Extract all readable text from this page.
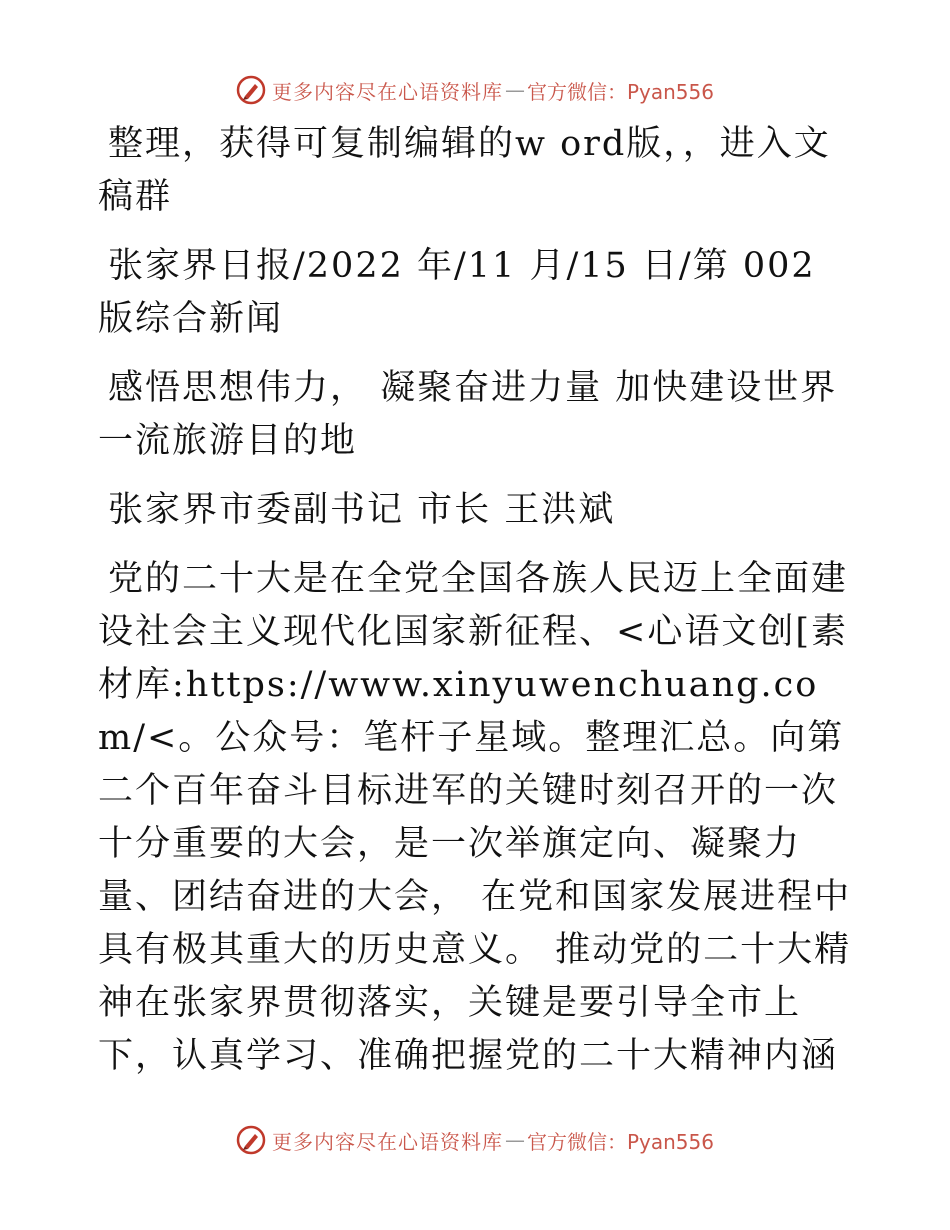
更多内容尽在心语资料库 — 官方微信：Pyan556

整理，获得可复制编辑的w ord版，，进入文稿群

张家界日报/2022 年/11 月/15 日/第 002 版综合新闻

感悟思想伟力， 凝聚奋进力量 加快建设世界一流旅游目的地

张家界市委副书记 市长 王洪斌

党的二十大是在全党全国各族人民迈上全面建设社会主义现代化国家新征程、<心语文创[素材库:https://www.xinyuwenchuang.com/<。公众号：笔杆子星域。整理汇总。向第二个百年奋斗目标进军的关键时刻召开的一次十分重要的大会，是一次举旗定向、凝聚力量、团结奋进的大会， 在党和国家发展进程中具有极其重大的历史意义。 推动党的二十大精神在张家界贯彻落实，关键是要引导全市上下，认真学习、准确把握党的二十大精神内涵

更多内容尽在心语资料库 — 官方微信：Pyan556
